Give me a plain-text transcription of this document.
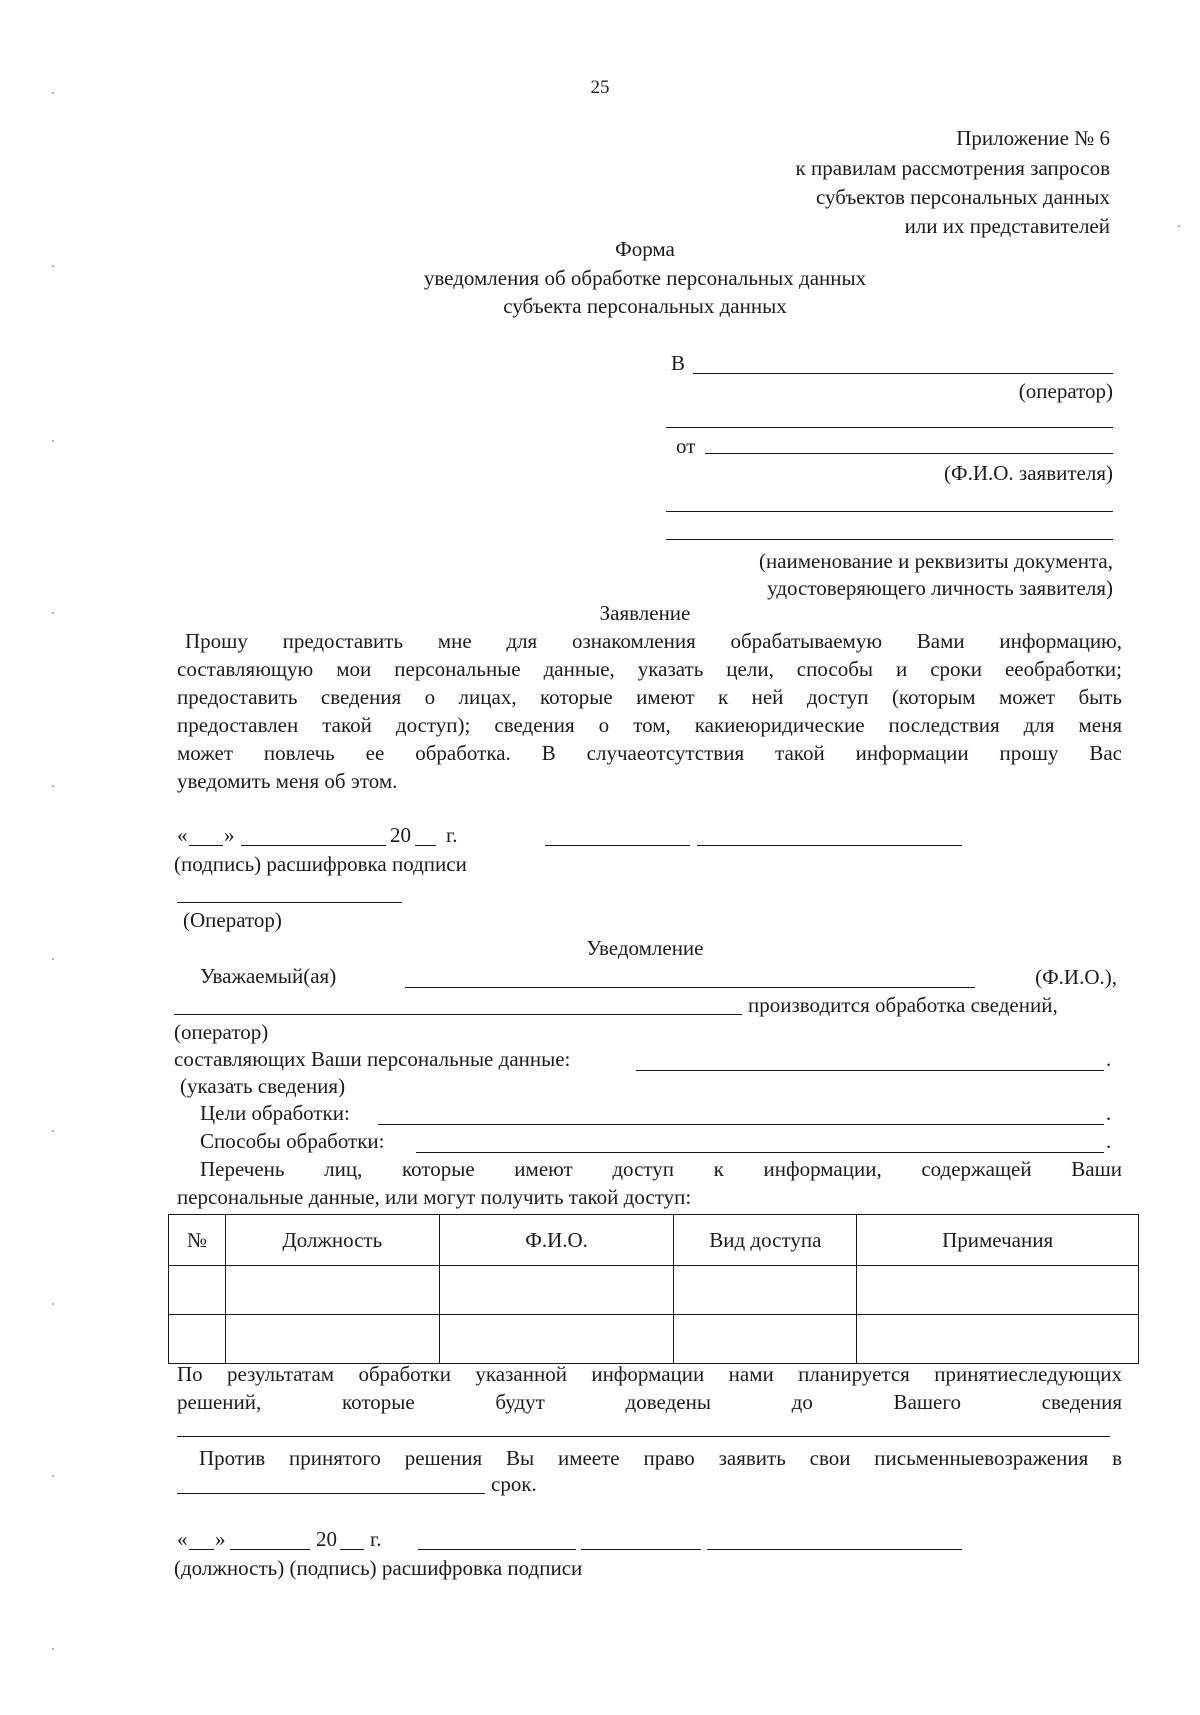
25
Приложение № 6
к правилам рассмотрения запросов
субъектов персональных данных
или их представителей
Форма
уведомления об обработке персональных данных
субъекта персональных данных
В
(оператор)
от
(Ф.И.О. заявителя)
(наименование и реквизиты документа,
удостоверяющего личность заявителя)
Заявление
Прошу предоставить мне для ознакомления обрабатываемую Вами информацию,
составляющую мои персональные данные, указать цели, способы и сроки ееобработки;
предоставить сведения о лицах, которые имеют к ней доступ (которым может быть
предоставлен такой доступ); сведения о том, какиеюридические последствия для меня
может повлечь ее обработка. В случаеотсутствия такой информации прошу Вас
уведомить меня об этом.
« »	20 г.
(подпись) расшифровка подписи
(Оператор)
Уведомление
Уважаемый(ая)	(Ф.И.О.),
производится обработка сведений,
(оператор)
составляющих Ваши персональные данные:	.
(указать сведения)
Цели обработки:	.
Способы обработки:	.
Перечень лиц, которые имеют доступ к информации, содержащей Ваши
персональные данные, или могут получить такой доступ:
№	Должность	Ф.И.О.	Вид доступа	Примечания

По результатам обработки указанной информации нами планируется принятиеследующих
решений, которые будут доведены до Вашего сведения
Против принятого решения Вы имеете право заявить свои письменныевозражения в
срок.
« »	20 г.
(должность) (подпись) расшифровка подписи
